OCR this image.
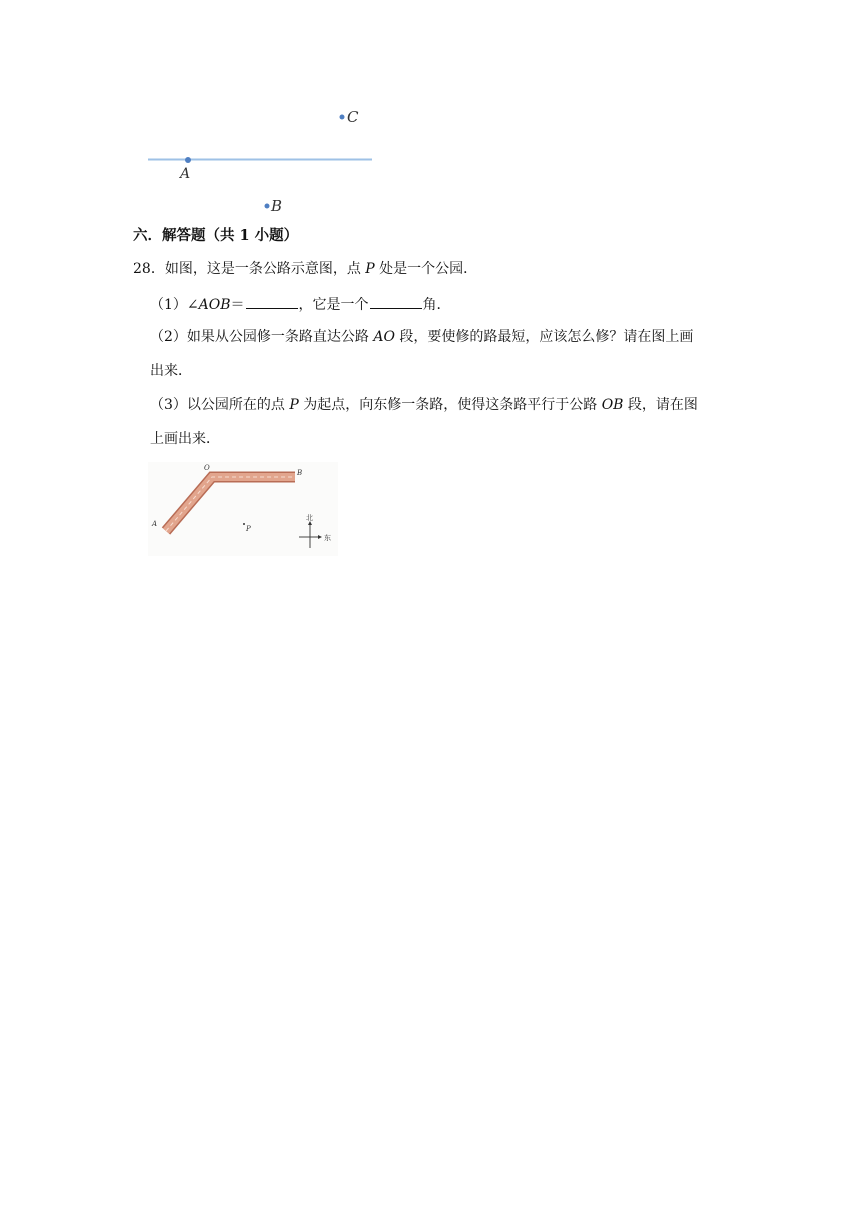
A
C
B
六．解答题（共 1 小题）
28．如图，这是一条公路示意图，点 P 处是一个公园．
（1）∠AOB＝	，它是一个	角．
（2）如果从公园修一条路直达公路 AO 段，要使修的路最短，应该怎么修？请在图上画
出来．
（3）以公园所在的点 P 为起点，向东修一条路，使得这条路平行于公路 OB 段，请在图
上画出来．
O
B
A
P
北
东
